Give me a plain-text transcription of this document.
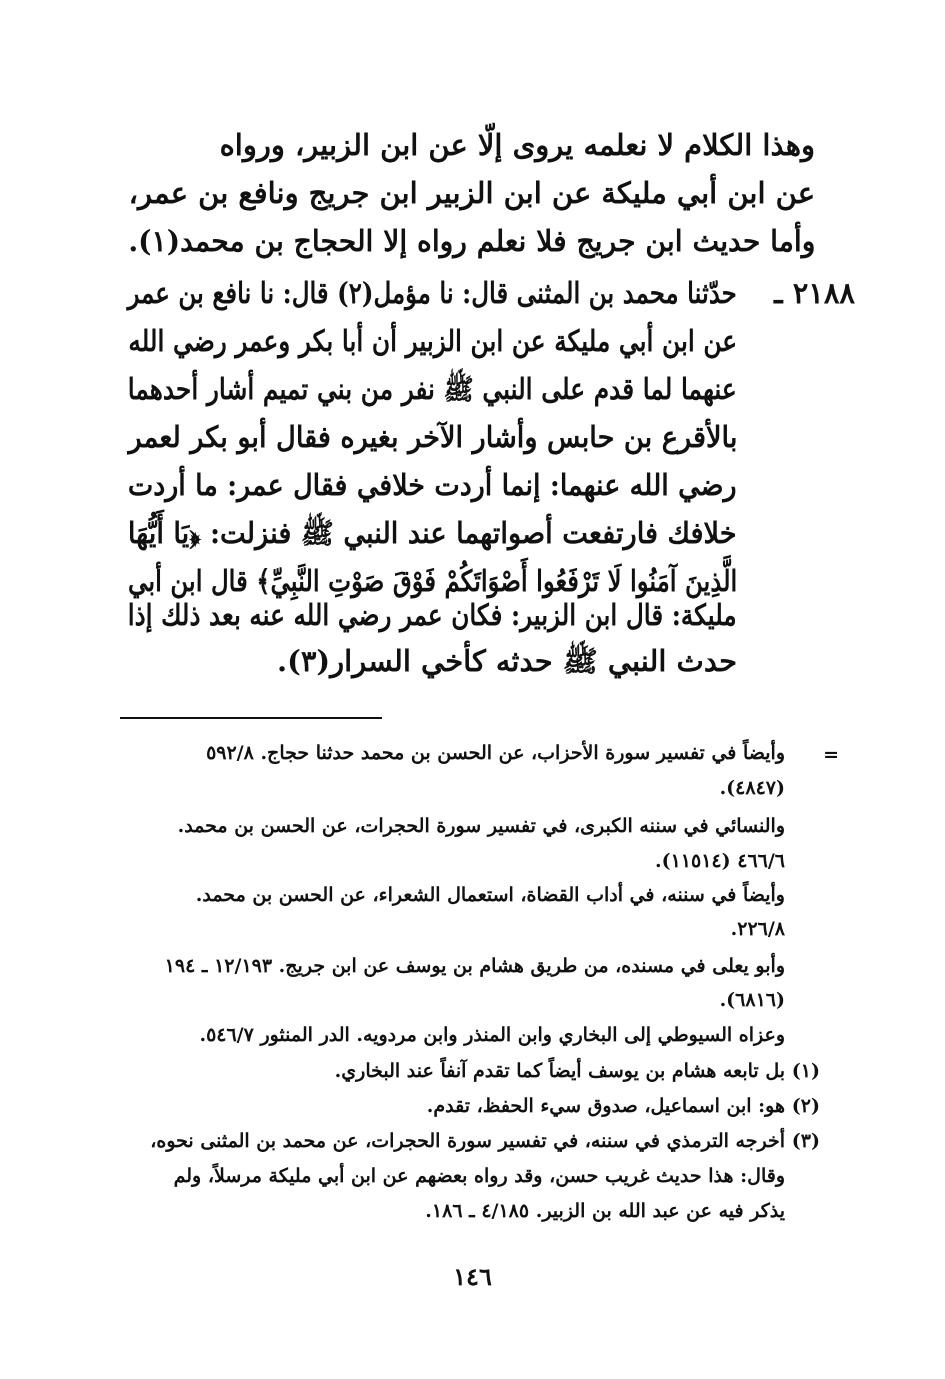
وهذا الكلام لا نعلمه يروى إلّا عن ابن الزبير، ورواه
عن ابن أبي مليكة عن ابن الزبير ابن جريج ونافع بن عمر،
وأما حديث ابن جريج فلا نعلم رواه إلا الحجاج بن محمد(١).
٢١٨٨ ـ
حدّثنا محمد بن المثنى قال: نا مؤمل(٢) قال: نا نافع بن عمر
عن ابن أبي مليكة عن ابن الزبير أن أبا بكر وعمر رضي الله
عنهما لما قدم على النبي ﷺ نفر من بني تميم أشار أحدهما
بالأقرع بن حابس وأشار الآخر بغيره فقال أبو بكر لعمر
رضي الله عنهما: إنما أردت خلافي فقال عمر: ما أردت
خلافك فارتفعت أصواتهما عند النبي ﷺ فنزلت: ﴿يَا أَيُّهَا
الَّذِينَ آمَنُوا لَا تَرْفَعُوا أَصْوَاتَكُمْ فَوْقَ صَوْتِ النَّبِيِّ﴾ قال ابن أبي
مليكة: قال ابن الزبير: فكان عمر رضي الله عنه بعد ذلك إذا
حدث النبي ﷺ حدثه كأخي السرار(٣).
=
وأيضاً في تفسير سورة الأحزاب، عن الحسن بن محمد حدثنا حجاج. ٥٩٢/٨
(٤٨٤٧).
والنسائي في سننه الكبرى، في تفسير سورة الحجرات، عن الحسن بن محمد.
٤٦٦/٦ (١١٥١٤).
وأيضاً في سننه، في أداب القضاة، استعمال الشعراء، عن الحسن بن محمد.
٢٢٦/٨.
وأبو يعلى في مسنده، من طريق هشام بن يوسف عن ابن جريج. ١٢/١٩٣ ـ ١٩٤
(٦٨١٦).
وعزاه السيوطي إلى البخاري وابن المنذر وابن مردويه. الدر المنثور ٥٤٦/٧.
(١)
بل تابعه هشام بن يوسف أيضاً كما تقدم آنفاً عند البخاري.
(٢)
هو: ابن اسماعيل، صدوق سيء الحفظ، تقدم.
(٣)
أخرجه الترمذي في سننه، في تفسير سورة الحجرات، عن محمد بن المثنى نحوه،
وقال: هذا حديث غريب حسن، وقد رواه بعضهم عن ابن أبي مليكة مرسلاً، ولم
يذكر فيه عن عبد الله بن الزبير. ٤/١٨٥ ـ ١٨٦.
١٤٦
